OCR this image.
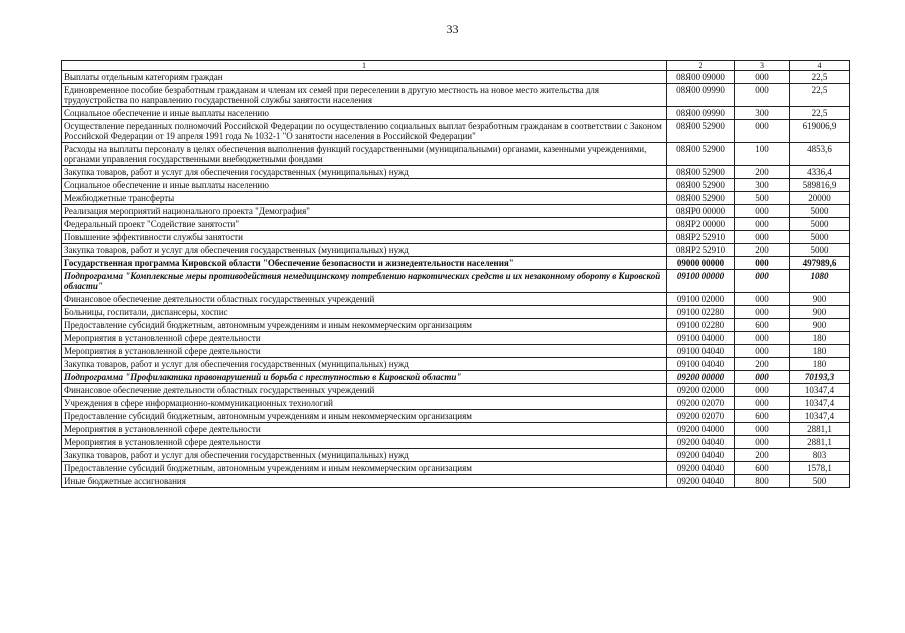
33
1	2	3	4
Выплаты отдельным категориям граждан	08Я00 09000	000	22,5
Единовременное пособие безработным гражданам и членам их семей при переселении в другую местность на новое место жительства для трудоустройства по направлению государственной службы занятости населения	08Я00 09990	000	22,5
Социальное обеспечение и иные выплаты населению	08Я00 09990	300	22,5
Осуществление переданных полномочий Российской Федерации по осуществлению социальных выплат безработным гражданам в соответствии с Законом Российской Федерации от 19 апреля 1991 года № 1032-1 "О занятости населения в Российской Федерации"	08Я00 52900	000	619006,9
Расходы на выплаты персоналу в целях обеспечения выполнения функций государственными (муниципальными) органами, казенными учреждениями, органами управления государственными внебюджетными фондами	08Я00 52900	100	4853,6
Закупка товаров, работ и услуг для обеспечения государственных (муниципальных) нужд	08Я00 52900	200	4336,4
Социальное обеспечение и иные выплаты населению	08Я00 52900	300	589816,9
Межбюджетные трансферты	08Я00 52900	500	20000
Реализация мероприятий национального проекта "Демография"	08ЯР0 00000	000	5000
Федеральный проект "Содействие занятости"	08ЯР2 00000	000	5000
Повышение эффективности службы занятости	08ЯР2 52910	000	5000
Закупка товаров, работ и услуг для обеспечения государственных (муниципальных) нужд	08ЯР2 52910	200	5000
Государственная программа Кировской области "Обеспечение безопасности и жизнедеятельности населения"	09000 00000	000	497989,6
Подпрограмма "Комплексные меры противодействия немедицинскому потреблению наркотических средств и их незаконному обороту в Кировской области"	09100 00000	000	1080
Финансовое обеспечение деятельности областных государственных учреждений	09100 02000	000	900
Больницы, госпитали, диспансеры, хоспис	09100 02280	000	900
Предоставление субсидий бюджетным, автономным учреждениям и иным некоммерческим организациям	09100 02280	600	900
Мероприятия в установленной сфере деятельности	09100 04000	000	180
Мероприятия в установленной сфере деятельности	09100 04040	000	180
Закупка товаров, работ и услуг для обеспечения государственных (муниципальных) нужд	09100 04040	200	180
Подпрограмма "Профилактика правонарушений и борьба с преступностью в Кировской области"	09200 00000	000	70193,3
Финансовое обеспечение деятельности областных государственных учреждений	09200 02000	000	10347,4
Учреждения в сфере информационно-коммуникационных технологий	09200 02070	000	10347,4
Предоставление субсидий бюджетным, автономным учреждениям и иным некоммерческим организациям	09200 02070	600	10347,4
Мероприятия в установленной сфере деятельности	09200 04000	000	2881,1
Мероприятия в установленной сфере деятельности	09200 04040	000	2881,1
Закупка товаров, работ и услуг для обеспечения государственных (муниципальных) нужд	09200 04040	200	803
Предоставление субсидий бюджетным, автономным учреждениям и иным некоммерческим организациям	09200 04040	600	1578,1
Иные бюджетные ассигнования	09200 04040	800	500
